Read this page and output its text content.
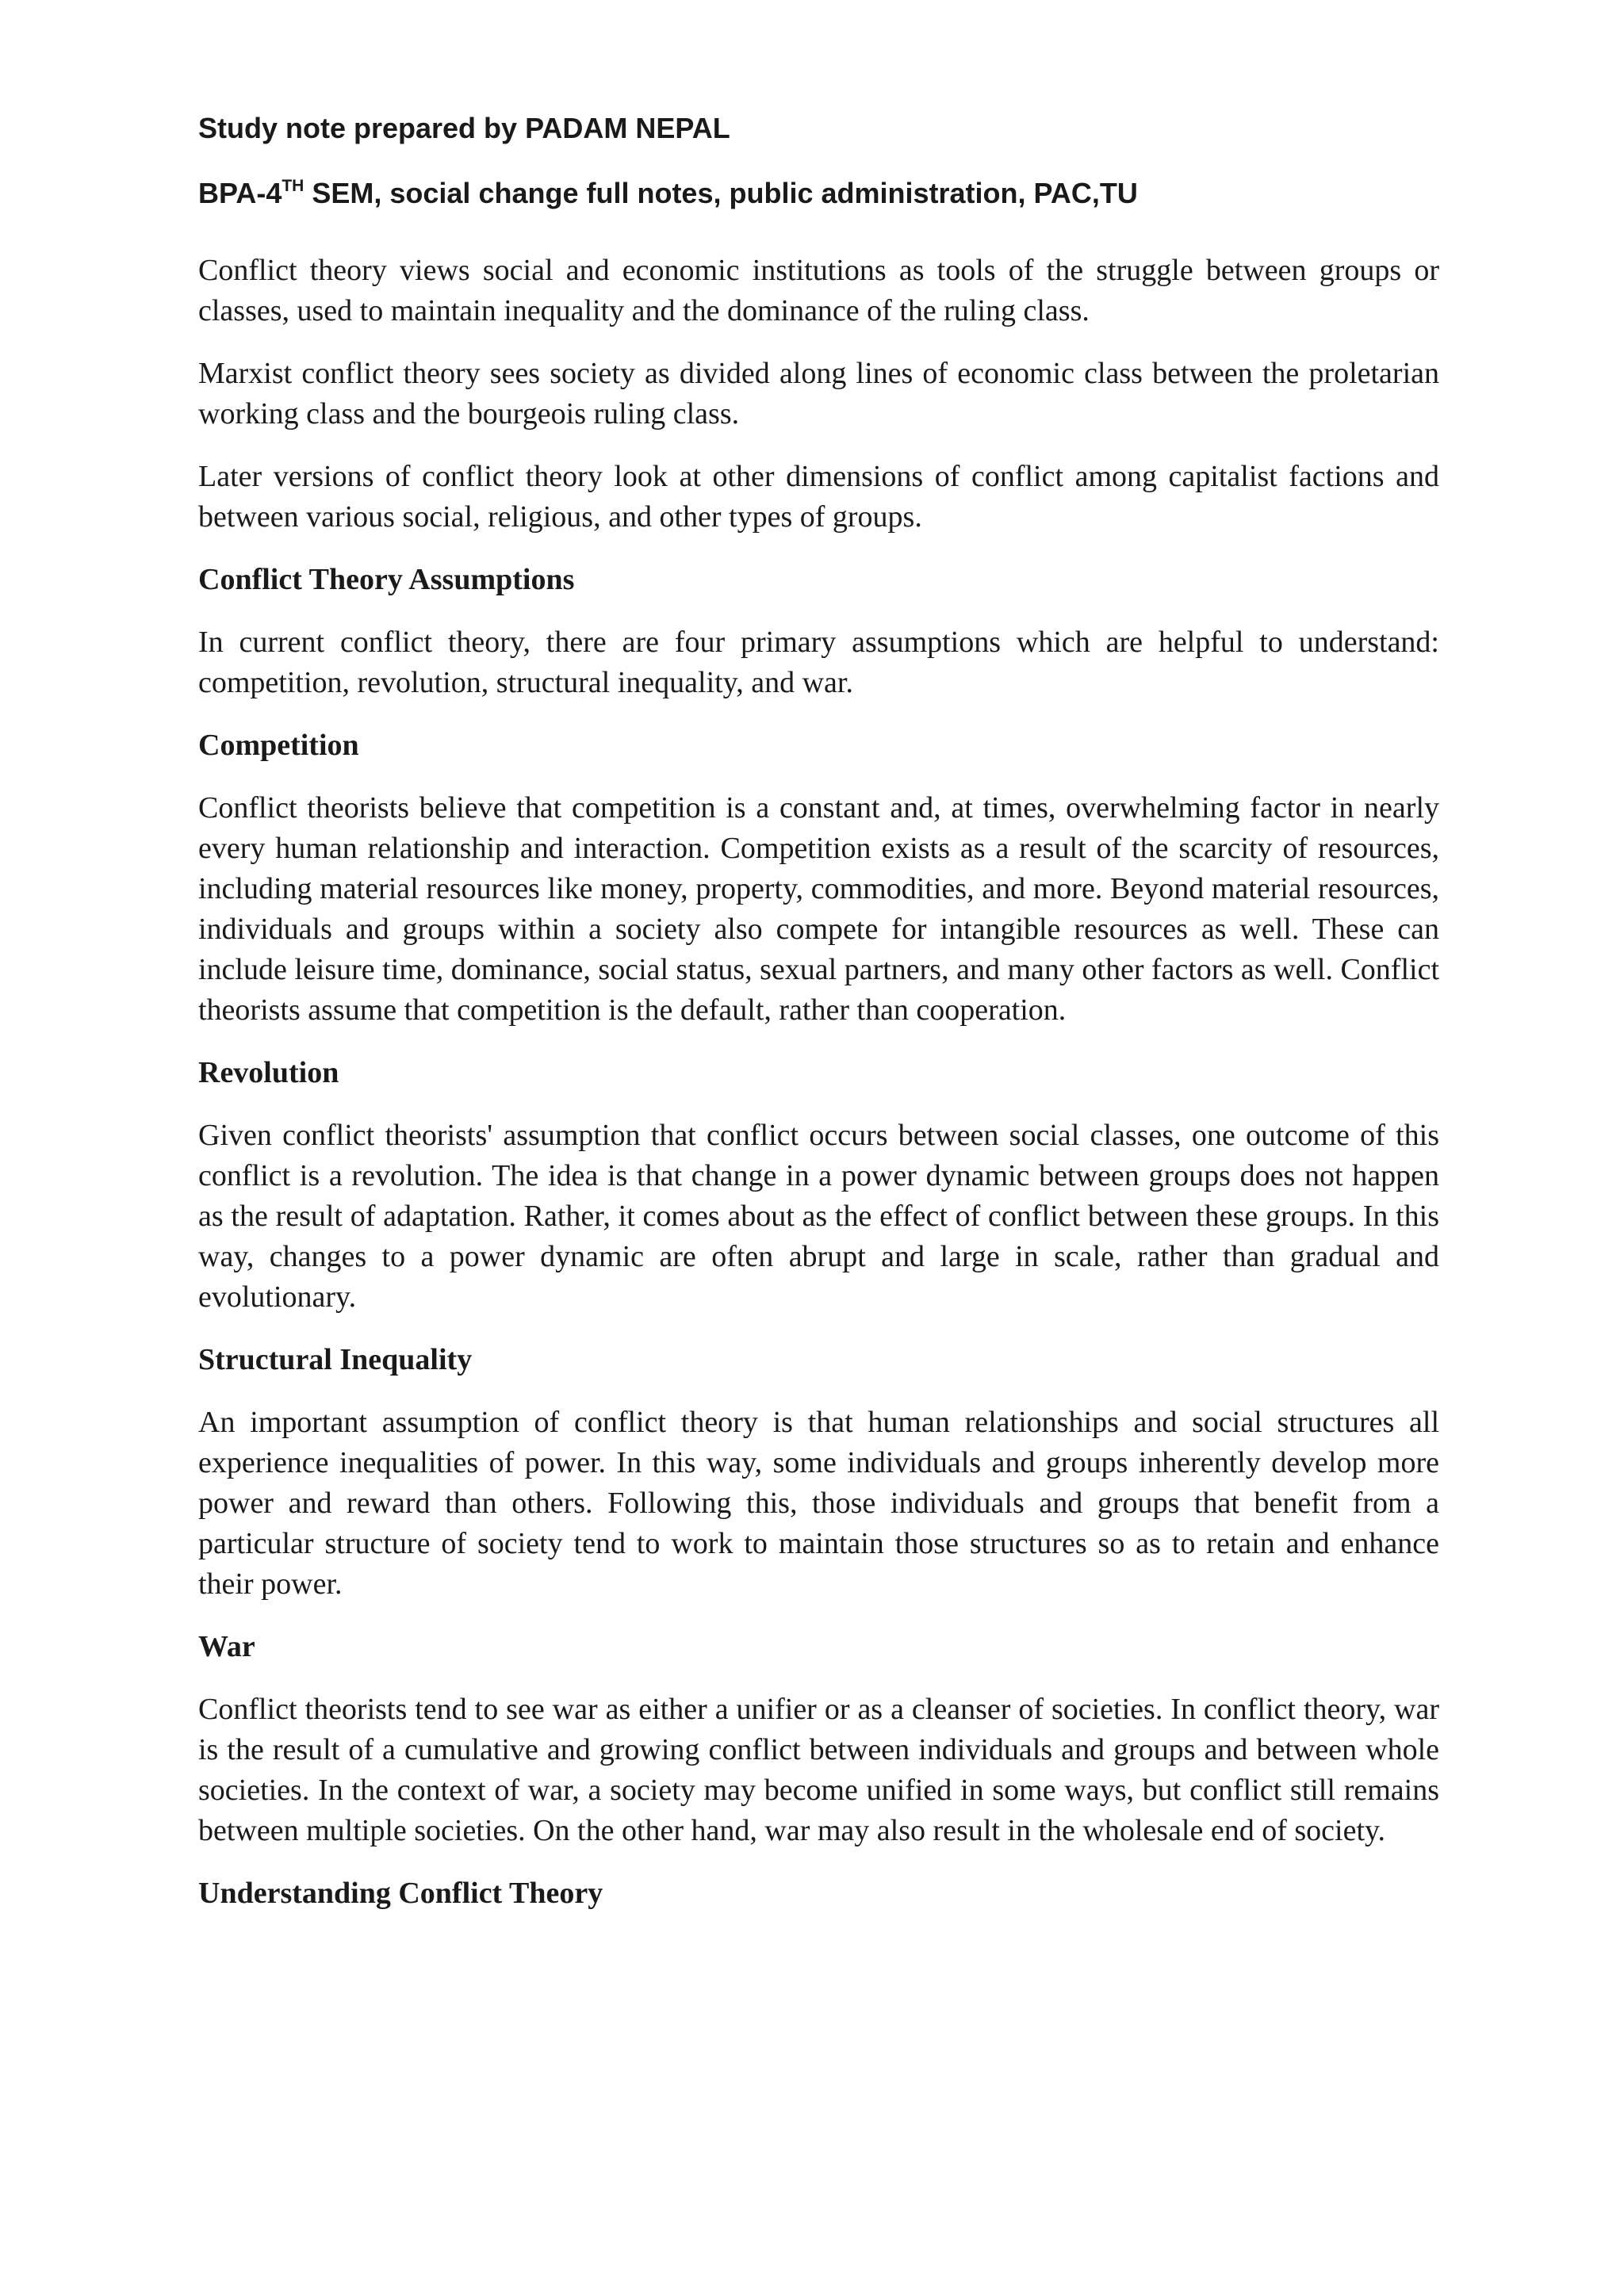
Study note prepared by PADAM NEPAL

BPA-4TH SEM, social change full notes, public administration, PAC,TU

Conflict theory views social and economic institutions as tools of the struggle between groups or classes, used to maintain inequality and the dominance of the ruling class.

Marxist conflict theory sees society as divided along lines of economic class between the proletarian working class and the bourgeois ruling class.

Later versions of conflict theory look at other dimensions of conflict among capitalist factions and between various social, religious, and other types of groups.

Conflict Theory Assumptions

In current conflict theory, there are four primary assumptions which are helpful to understand: competition, revolution, structural inequality, and war.

Competition

Conflict theorists believe that competition is a constant and, at times, overwhelming factor in nearly every human relationship and interaction. Competition exists as a result of the scarcity of resources, including material resources like money, property, commodities, and more. Beyond material resources, individuals and groups within a society also compete for intangible resources as well. These can include leisure time, dominance, social status, sexual partners, and many other factors as well. Conflict theorists assume that competition is the default, rather than cooperation.

Revolution

Given conflict theorists' assumption that conflict occurs between social classes, one outcome of this conflict is a revolution. The idea is that change in a power dynamic between groups does not happen as the result of adaptation. Rather, it comes about as the effect of conflict between these groups. In this way, changes to a power dynamic are often abrupt and large in scale, rather than gradual and evolutionary.

Structural Inequality

An important assumption of conflict theory is that human relationships and social structures all experience inequalities of power. In this way, some individuals and groups inherently develop more power and reward than others. Following this, those individuals and groups that benefit from a particular structure of society tend to work to maintain those structures so as to retain and enhance their power.

War

Conflict theorists tend to see war as either a unifier or as a cleanser of societies. In conflict theory, war is the result of a cumulative and growing conflict between individuals and groups and between whole societies. In the context of war, a society may become unified in some ways, but conflict still remains between multiple societies. On the other hand, war may also result in the wholesale end of society.

Understanding Conflict Theory
